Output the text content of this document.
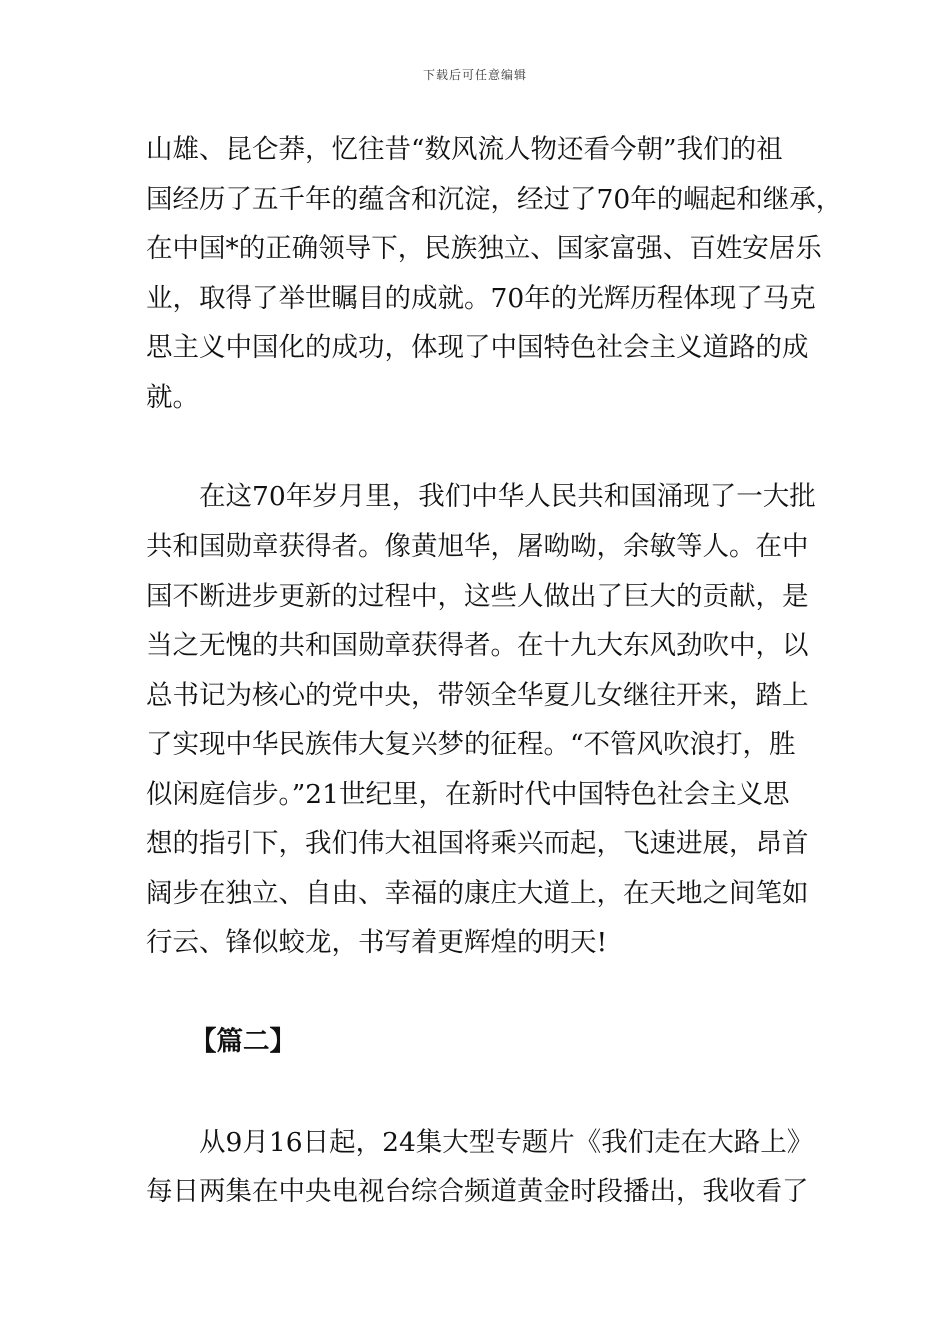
下载后可任意编辑
山雄、昆仑莽，忆往昔“数风流人物还看今朝”我们的祖
国经历了五千年的蕴含和沉淀，经过了70年的崛起和继承，
在中国*的正确领导下，民族独立、国家富强、百姓安居乐
业，取得了举世瞩目的成就。70年的光辉历程体现了马克
思主义中国化的成功，体现了中国特色社会主义道路的成
就。
在这70年岁月里，我们中华人民共和国涌现了一大批
共和国勋章获得者。像黄旭华，屠呦呦，余敏等人。在中
国不断进步更新的过程中，这些人做出了巨大的贡献，是
当之无愧的共和国勋章获得者。在十九大东风劲吹中，以
总书记为核心的党中央，带领全华夏儿女继往开来，踏上
了实现中华民族伟大复兴梦的征程。“不管风吹浪打，胜
似闲庭信步。”21世纪里，在新时代中国特色社会主义思
想的指引下，我们伟大祖国将乘兴而起，飞速进展，昂首
阔步在独立、自由、幸福的康庄大道上，在天地之间笔如
行云、锋似蛟龙，书写着更辉煌的明天!
【篇二】
从9月16日起，24集大型专题片《我们走在大路上》
每日两集在中央电视台综合频道黄金时段播出，我收看了
